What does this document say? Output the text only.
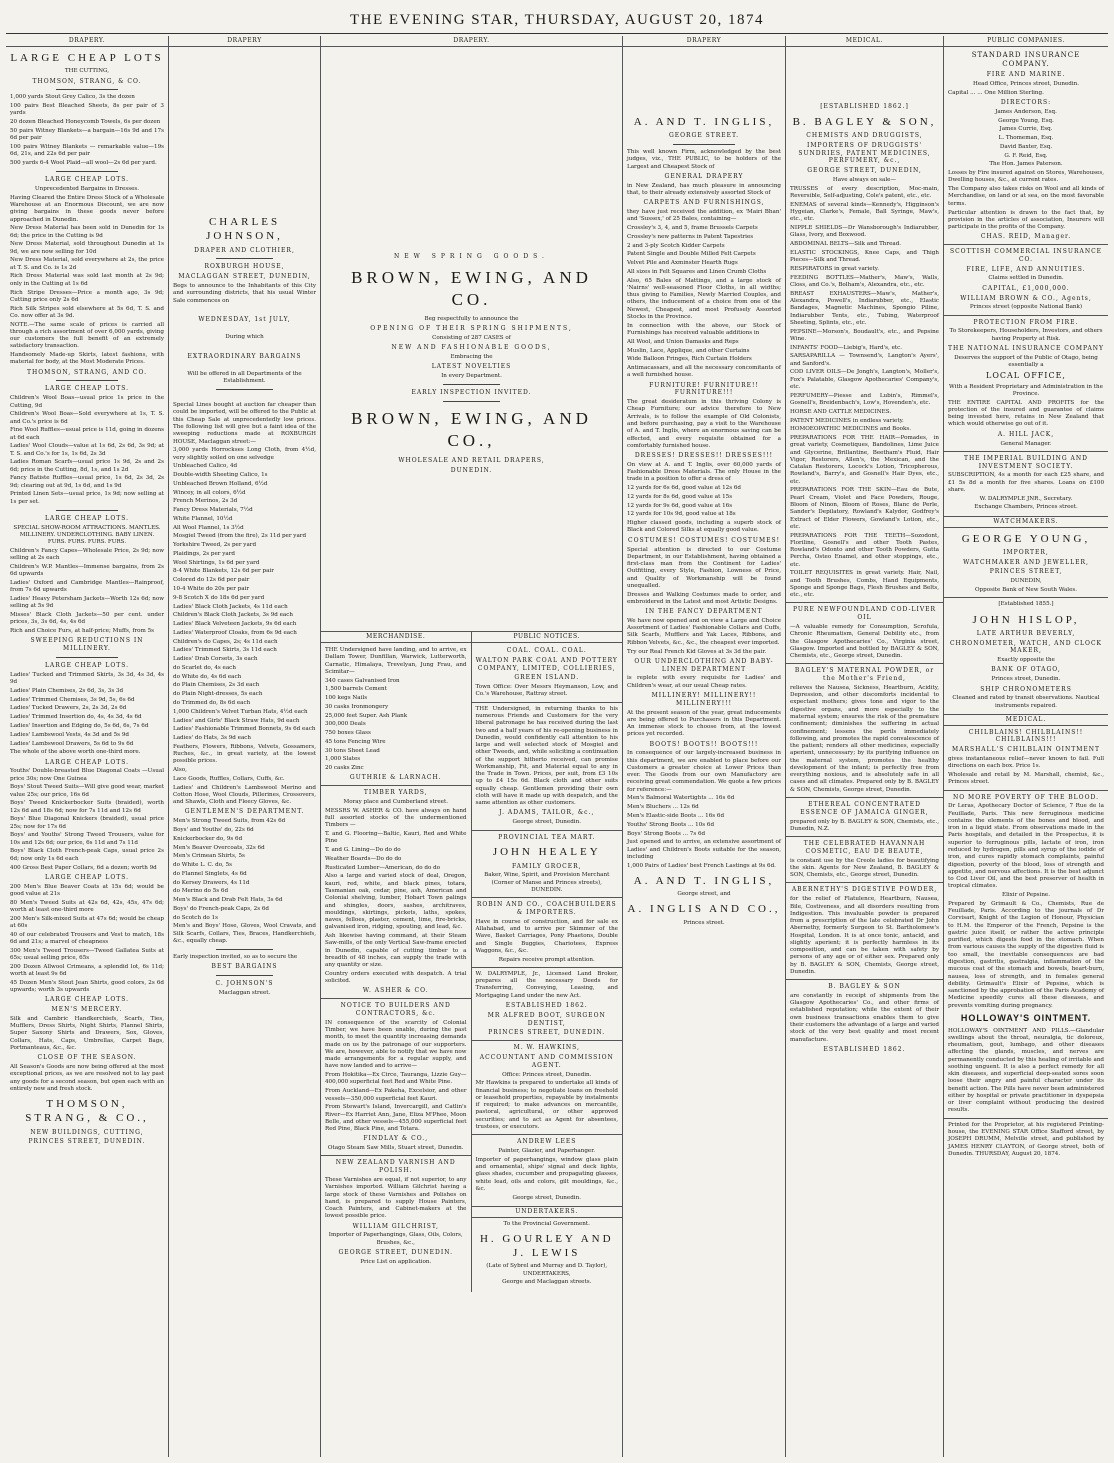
THE EVENING STAR, THURSDAY, AUGUST 20, 1874
DRAPERY.
LARGE CHEAP LOTS

THE CUTTING,

THOMSON, STRANG, & CO.

1,000 yards Stout Grey Calico, 3s the dozen

100 pairs Best Bleached Sheets, 8s per pair of 3 yards

20 dozen Bleached Honeycomb Towels, 6s per dozen

50 pairs Witney Blankets—a bargain—16s 9d and 17s 6d per pair

100 pairs Witney Blankets — remarkable value—19s 6d, 21s, and 22s 6d per pair

500 yards 6-4 Wool Plaid—all wool—2s 6d per yard.

LARGE CHEAP LOTS.

Unprecedented Bargains in Dresses.

Having Cleared the Entire Dress Stock of a Wholesale Warehouse at an Enormous Discount, we are now giving bargains in these goods never before approached in Dunedin.

New Dress Material has been sold in Dunedin for 1s 6d; the price in the Cutting is 9d

New Dress Material, sold throughout Dunedin at 1s 9d, we are now selling for 10d

New Dress Material, sold everywhere at 2s, the price at T. S. and Co. is 1s 2d

Rich Dress Material was sold last month at 2s 9d; only in the Cutting at 1s 6d

Rich Stripe Dresses—Price a month ago, 3s 9d; Cutting price only 2s 6d

Rich Silk Stripes sold elsewhere at 5s 6d, T. S. and Co. now offer at 3s 9d.

NOTE.—The same scale of prices is carried all through a rich assortment of over 6,000 yards, giving our customers the full benefit of an extremely satisfactory transaction.

Handsomely Made-up Skirts, latest fashions, with material for body, at the Most Moderate Prices.

THOMSON, STRANG, AND CO.
LARGE CHEAP LOTS.

Children's Wool Boas—usual price 1s price in the Cutting, 9d

Children's Wool Boas—Sold everywhere at 1s, T. S. and Co.'s price is 6d

Fine Wool Ruffles—usual price is 11d, going in dozens at 6d each

Ladies' Wool Clouds—value at 1s 6d, 2s 6d, 3s 9d; at T. S. and Co.'s for 1s, 1s 6d, 2s 3d

Ladies Roman Scarfs—usual price 1s 9d, 2s and 2s 6d; price in the Cutting, 8d, 1s, and 1s 2d

Fancy Batiste Ruffles—usual price, 1s 6d, 2s 3d, 2s 9d; clearing out at 9d, 1s 6d, and 1s 9d

Printed Linen Sets—usual price, 1s 9d; now selling at 1s per set.

LARGE CHEAP LOTS.

SPECIAL SHOW-ROOM ATTRACTIONS. MANTLES. MILLINERY. UNDERCLOTHING. BABY LINEN. FURS. FURS. FURS. FURS.

Children's Fancy Capes—Wholesale Price, 2s 9d; now selling at 2s each

Children's W.P. Mantles—Immense bargains, from 2s 6d upwards

Ladies' Oxford and Cambridge Mantles—Rainproof, from 7s 6d upwards

Ladies' Heavy Petersham Jackets—Worth 12s 6d; now selling at 5s 9d

Misses' Black Cloth Jackets—50 per cent. under prices, 3s, 3s 6d, 4s, 4s 6d

Rich and Choice Furs, at half-price; Muffs, from 5s

SWEEPING REDUCTIONS IN MILLINERY.
LARGE CHEAP LOTS.

Ladies' Tucked and Trimmed Skirts, 3s 3d, 4s 3d, 4s 9d

Ladies' Plain Chemises, 2s 6d, 3s, 3s 3d

Ladies' Trimmed Chemises, 3s 9d, 5s, 6s 6d

Ladies' Tucked Drawers, 2s, 2s 3d, 2s 6d

Ladies' Trimmed Insertion do, 4s, 4s 3d, 4s 6d

Ladies' Insertion and Edging do, 5s 6d, 6s, 7s 6d

Ladies' Lambswool Vests, 4s 3d and 5s 9d

Ladies' Lambswool Drawers, 5s 6d to 9s 6d

The whole of the above worth one-third more.

LARGE CHEAP LOTS.

Youths' Double-breasted Blue Diagonal Coats —Usual price 30s; now One Guinea

Boys' Stout Tweed Suits—Will give good wear, market value 25s; our price, 16s 6d

Boys' Tweed Knickerbocker Suits (braided), worth 12s 6d and 18s 6d; now for 7s 11d and 12s 6d

Boys' Blue Diagonal Knickers (braided), usual price 25s; now for 17s 6d

Boys' and Youths' Strong Tweed Trousers, value for 10s and 12s 6d; our price, 6s 11d and 7s 11d

Boys' Black Cloth French-peak Caps, usual price 2s 6d; now only 1s 6d each

400 Gross Best Paper Collars, 6d a dozen; worth 9d

LARGE CHEAP LOTS.

200 Men's Blue Beaver Coats at 15s 6d; would be good value at 21s

80 Men's Tweed Suits at 42s 6d, 42s, 45s, 47s 6d; worth at least one-third more

200 Men's Silk-mixed Suits at 47s 6d; would be cheap at 60s

40 of our celebrated Trousers and Vest to match, 18s 6d and 21s; a marvel of cheapness

300 Men's Tweed Trousers—Tweed Gallatea Suits at 65s; usual selling price, 65s

200 Dozen Allwool Crimeans, a splendid lot, 6s 11d; worth at least 9s 6d

45 Dozen Men's Stout Jean Shirts, good colors, 2s 6d upwards; worth 3s upwards

LARGE CHEAP LOTS.
MEN'S MERCERY.

Silk and Cambric Handkerchiefs, Scarfs, Ties, Mufflers, Dress Shirts, Night Shirts, Flannel Shirts, Super Saxony Shirts and Drawers, Sox, Gloves, Collars, Hats, Caps, Umbrellas, Carpet Bags, Portmanteaus, &c., &c.

CLOSE OF THE SEASON.

All Season's Goods are now being offered at the most exceptional prices, as we are resolved not to lay past any goods for a second season, but open each with an entirely new and fresh stock.

THOMSON, STRANG, & CO.,
NEW BUILDINGS, CUTTING,
PRINCES STREET, DUNEDIN.
DRAPERY
CHARLES JOHNSON,
DRAPER AND CLOTHIER,
ROXBURGH HOUSE,
MACLAGGAN STREET, DUNEDIN,

Begs to announce to the Inhabitants of this City and surrounding districts, that his usual Winter Sale commences on

WEDNESDAY, 1st JULY,

During which

EXTRAORDINARY BARGAINS

Will be offered in all Departments of the Establishment.

Special Lines bought at auction far cheaper than could be imported, will be offered to the Public at this Cheap Sale at unprecedentedly low prices. The following list will give but a faint idea of the sweeping reductions made at ROXBURGH HOUSE, Maclaggan street:—

3,000 yards Horrockses Long Cloth, from 4½d, very slightly soiled on one selvedge

Unbleached Calico, 4d

Double-width Sheeting Calico, 1s

Unbleached Brown Holland, 6½d

Wincey, in all colors, 6½d

French Merinos, 2s 3d

Fancy Dress Materials, 7½d

White Flannel, 10½d

All Wool Flannel, 1s 3½d

Mosgiel Tweed (from the fire), 2s 11d per yard

Yorkshire Tweed, 2s per yard

Plaidings, 2s per yard

Wool Shirtings, 1s 6d per yard

8-4 White Blankets, 12s 6d per pair

Colored do 12s 6d per pair

10-4 White do 20s per pair

9-8 Scotch X do 18s 6d per yard

Ladies' Black Cloth Jackets, 4s 11d each

Children's Black Cloth Jackets, 3s 9d each

Ladies' Black Velveteen Jackets, 9s 6d each

Ladies' Waterproof Cloaks, from 6s 9d each

Children's do Capes, 2s; 4s 11d each

Ladies' Trimmed Skirts, 3s 11d each

Ladies' Drab Corsets, 3s each

do Scarlet do, 4s each

do White do, 4s 6d each

do Plain Chemises, 2s 3d each

do Plain Night-dresses, 5s each

do Trimmed do, 8s 6d each

1,000 Children's Velvet Turban Hats, 4½d each

Ladies' and Girls' Black Straw Hats, 9d each

Ladies' Fashionable Trimmed Bonnets, 9s 6d each

Ladies' do Hats, 3s 9d each

Feathers, Flowers, Ribbons, Velvets, Gossamers, Ruches, &c., in great variety, at the lowest possible prices.

Also,

Lace Goods, Ruffles, Collars, Cuffs, &c.

Ladies' and Children's Lambswool Merino and Cotton Hose, Wool Clouds, Pillerines, Crossovers, and Shawls, Cloth and Fleecy Gloves, &c.

GENTLEMEN'S DEPARTMENT.

Men's Strong Tweed Suits, from 42s 6d

Boys' and Youths' do, 22s 6d

Knickerbocker do, 9s 6d

Men's Beaver Overcoats, 32s 6d

Men's Crimean Shirts, 5s

do White L. C. do, 5s

do Flannel Singlets, 4s 6d

do Kersey Drawers, 4s 11d

do Merino do 5s 6d

Men's Black and Drab Felt Hats, 3s 6d

Boys' do French-peak Caps, 2s 6d

do Scotch do 1s

Men's and Boys' Hose, Gloves, Wool Cravats, and Silk Scarfs, Collars, Ties, Braces, Handkerchiefs, &c., equally cheap.

Early inspection invited, so as to secure the

BEST BARGAINS
C. JOHNSON'S

Maclaggan street.

DRAPERY.
NEW SPRING GOODS.
BROWN, EWING, AND CO.

Beg respectfully to announce the

OPENING OF THEIR SPRING SHIPMENTS,

Consisting of 287 CASES of

NEW AND FASHIONABLE GOODS,

Embracing the

LATEST NOVELTIES

In every Department.

EARLY INSPECTION INVITED.
BROWN, EWING, AND CO.,
WHOLESALE AND RETAIL DRAPERS,
DUNEDIN.
MERCHANDISE.

THE Undersigned have landing, and to arrive, ex Dallam Tower, Dunfillan, Warwick, Lutterworth, Carnatic, Himalaya, Trevelyan, Jung Frau, and Scimitar—

340 cases Galvanised Iron

1,500 barrels Cement

100 kegs Nails

30 casks Ironmongery

25,000 feet Super. Ash Plank

300,000 Deals

750 boxes Glass

45 tons Fencing Wire

30 tons Sheet Lead

1,000 Slates

20 casks Zinc

GUTHRIE & LARNACH.
TIMBER YARDS,

Moray place and Cumberland street.

MESSRS W. ASHER & CO. have always on hand full assorted stocks of the undermentioned Timbers —

T. and G. Flooring—Baltic, Kauri, Red and White Pine

T. and G. Lining—Do do do

Weather Boards—Do do do

Rusticated Lumber—American, do do do

Also a large and varied stock of deal, Oregon, kauri, red, white, and black pines, totara, Tasmanian oak, cedar, pine, ash, American and Colonial shelving, lumber, Hobart Town palings and shingles, doors, sashes, architraves, mouldings, skirtings, pickets, laths, spokes, naves, felloes, plaster, cement, lime, fire-bricks, galvanised iron, ridging, spouting, and lead, &c.

Ash likewise having command, at their Steam Saw-mills, of the only Vertical Saw-frame erected in Dunedin, capable of cutting timber to a breadth of 48 inches, can supply the trade with any quantity or size.

Country orders executed with despatch. A trial solicited.

W. ASHER & CO.
NOTICE TO BUILDERS AND CONTRACTORS, &c.

IN consequence of the scarcity of Colonial Timber, we have been unable, during the past month, to meet the quantity increasing demands made on us by the patronage of our supporters. We are, however, able to notify that we have now made arrangements for a regular supply, and have now landed and to arrive—

From Hokitika—Ex Circe, Tauranga, Lizzie Guy—400,000 superficial feet Red and White Pine.

From Auckland—Ex Pakeha, Excelsior, and other vessels—350,000 superficial feet Kauri.

From Stewart's Island, Invercargill, and Catlin's River—Ex Harriet Ann, Jane, Eliza M'Phee, Moon Belle, and other vessels—455,000 superficial feet Red Pine, Black Pine, and Totara.

FINDLAY & CO.,

Otago Steam Saw Mills, Stuart street, Dunedin.

NEW ZEALAND VARNISH AND POLISH.

These Varnishes are equal, if not superior, to any Varnishes imported. William Gilchrist having a large stock of these Varnishes and Polishes on hand, is prepared to supply House Painters, Coach Painters, and Cabinet-makers at the lowest possible price.

WILLIAM GILCHRIST,

Importer of Paperhangings, Glass, Oils, Colors, Brushes, &c.,

GEORGE STREET, DUNEDIN.

Price List on application.

PUBLIC NOTICES.
COAL. COAL. COAL.
WALTON PARK COAL AND POTTERY COMPANY, LIMITED, COLLIERIES,
GREEN ISLAND.

Town Office: Over Messrs Heymanson, Low, and Co.'s Warehouse, Rattray street.

THE Undersigned, in returning thanks to his numerous Friends and Customers for the very liberal patronage he has received during the last two and a half years of his re-opening business in Dunedin, would confidently call attention to his large and well selected stock of Mosgiel and other Tweeds, and, while soliciting a continuation of the support hitherto received, can promise Workmanship, Fit, and Material equal to any in the Trade in Town. Prices, per suit, from £3 10s up to £4 15s 6d. Black cloth and other suits equally cheap. Gentlemen providing their own cloth will have it made up with despatch, and the same attention as other customers.

J. ADAMS, TAILOR, &c.,

George street, Dunedin.

PROVINCIAL TEA MART.
JOHN HEALEY
FAMILY GROCER,

Baker, Wine, Spirit, and Provision Merchant (Corner of Manse and Princes streets), DUNEDIN.

ROBIN AND CO., COACHBUILDERS & IMPORTERS.

Have in course of construction, and for sale ex Allahabad, and to arrive per Skimmer of the Wave, Basket Carriages, Pony Phaetons, Double and Single Buggies, Chariotees, Express Waggons, &c., &c.

Repairs receive prompt attention.

W. DALRYMPLE, Jr., Licensed Land Broker, prepares all the necessary Deeds for Transferring, Conveying, Leasing, and Mortgaging Land under the new Act.

ESTABLISHED 1862.
MR ALFRED BOOT, SURGEON DENTIST,
PRINCES STREET, DUNEDIN.
M. W. HAWKINS,
ACCOUNTANT AND COMMISSION AGENT.

Office: Princes street, Dunedin.

Mr Hawkins is prepared to undertake all kinds of financial business; to negotiate loans on freehold or leasehold properties, repayable by instalments if required; to make advances on mercantile, pastoral, agricultural, or other approved securities; and to act as Agent for absentees, trustees, or executors.

ANDREW LEES

Painter, Glazier, and Paperhanger.

Importer of paperhangings, window glass plain and ornamental, ships' signal and deck lights, glass shades, cucumber and propagating glasses, white lead, oils and colors, gilt mouldings, &c., &c.

George street, Dunedin.

UNDERTAKERS.

To the Provincial Government.

H. GOURLEY AND J. LEWIS

(Late of Sybrel and Murray and D. Taylor), UNDERTAKERS,

George and Maclaggan streets.

DRAPERY
A. AND T. INGLIS,
GEORGE STREET.

This well known Firm, acknowledged by the best judges, viz., THE PUBLIC, to be holders of the Largest and Cheapest Stock of

GENERAL DRAPERY

in New Zealand, has much pleasure in announcing that, to their already extensively assorted Stock of

CARPETS AND FURNISHINGS,

they have just received the addition, ex 'Mairi Bhan' and 'Sussex,' of 25 Bales, containing—

Crossley's 3, 4, and 5, frame Brussels Carpets

Crossley's new patterns in Patent Tapestries

2 and 3-ply Scotch Kidder Carpets

Patent Single and Double Milled Felt Carpets

Velvet Pile and Axminster Hearth Rugs

All sizes in Felt Squares and Linen Crumb Cloths

Also, 65 Bales of Mattings, and a large stock of 'Nairns' well-seasoned Floor Cloths, in all widths; thus giving to Families, Newly Married Couples, and others, the inducement of a choice from one of the Newest, Cheapest, and most Profusely Assorted Stocks in the Province.

In connection with the above, our Stock of Furnishings has received valuable additions in

All Wool, and Union Damasks and Reps

Muslin, Lace, Applique, and other Curtains

Wide Balloon Fringes, Rich Curtain Holders

Antimacassars, and all the necessary concomitants of a well furnished house.

FURNITURE! FURNITURE!! FURNITURE!!!

The great desideratum in this thriving Colony is Cheap Furniture; our advice therefore to New Arrivals, is to follow the example of Old Colonists, and before purchasing, pay a visit to the Warehouse of A. and T. Inglis, where an enormous saving can be effected, and every requisite obtained for a comfortably furnished house.

DRESSES! DRESSES!! DRESSES!!!

On view at A. and T. Inglis, over 60,000 yards of Fashionable Dress Materials. The only House in the trade in a position to offer a dress of

12 yards for 6s 6d, good value at 12s 6d

12 yards for 8s 6d, good value at 15s

12 yards for 9s 6d, good value at 16s

12 yards for 10s 9d, good value at 18s

Higher classed goods, including a superb stock of Black and Colored Silks at equally good value.

COSTUMES! COSTUMES! COSTUMES!

Special attention is directed to our Costume Department, in our Establishment, having obtained a first-class man from the Continent for Ladies' Outfitting, every Style, Fashion, Lowness of Price, and Quality of Workmanship will be found unequalled.

Dresses and Walking Costumes made to order, and embroidered in the Latest and most Artistic Designs.

IN THE FANCY DEPARTMENT

We have now opened and on view a Large and Choice Assortment of Ladies' Fashionable Collars and Cuffs, Silk Scarfs, Mufflers and Yak Laces, Ribbons, and Ribbon Velvets, &c., &c., the cheapest ever imported.

Try our Real French Kid Gloves at 3s 3d the pair.

OUR UNDERCLOTHING AND BABY-LINEN DEPARTMENT

is replete with every requisite for Ladies' and Children's wear, at our usual Cheap rates.

MILLINERY! MILLINERY!! MILLINERY!!!

At the present season of the year, great inducements are being offered to Purchasers in this Department. An immense stock to choose from, at the lowest prices yet recorded.

BOOTS! BOOTS!! BOOTS!!!

In consequence of our largely-increased business in this department, we are enabled to place before our Customers a greater choice at Lower Prices than ever. The Goods from our own Manufactory are receiving great commendation. We quote a few prices for reference:—

Men's Balmoral Watertights ... 16s 6d

Men's Bluchers ... 12s 6d

Men's Elastic-side Boots ... 16s 6d

Youths' Strong Boots ... 10s 6d

Boys' Strong Boots ... 7s 6d

Just opened and to arrive, an extensive assortment of Ladies' and Children's Boots suitable for the season, including

1,000 Pairs of Ladies' best French Lastings at 9s 6d.

A. AND T. INGLIS,

George street, and

A. INGLIS AND CO.,

Princes street.

MEDICAL.
[ESTABLISHED 1862.]
B. BAGLEY & SON,
CHEMISTS AND DRUGGISTS,
IMPORTERS OF DRUGGISTS' SUNDRIES, PATENT MEDICINES, PERFUMERY, &c.,
GEORGE STREET, DUNEDIN,

Have always on sale—

TRUSSES of every description, Moc-main, Reversible, Self-adjusting, Cole's patent, etc., etc.

ENEMAS of several kinds—Kennedy's, Higginson's Hygeian, Clarke's, Female, Ball Syringe, Maw's, etc., etc.

NIPPLE SHIELDS—Dr Wansborough's Indiarubber, Glass, Ivory, and Boxwood.

ABDOMINAL BELTS—Silk and Thread.

ELASTIC STOCKINGS, Knee Caps, and Thigh Pieces—Silk and Thread.

RESPIRATORS in great variety.

FEEDING BOTTLES—Mather's, Maw's, Walls, Closs, and Co.'s, Bolham's, Alexandra, etc., etc.

BREAST EXHAUSTERS—Maw's, Mather's, Alexandra, Powell's, Indiarubber, etc., Elastic Bandages, Magnetic Machines, Spongio Piline, Indiarubber Tents, etc., Tubing, Waterproof Sheeting, Splints, etc., etc.

PEPSINE—Morson's, Boudault's, etc., and Pepsine Wine.

INFANTS' FOOD—Liebig's, Hard's, etc.

SARSAPARILLA — Townsend's, Langton's Ayers', and Sanford's.

COD LIVER OILS—De Jongh's, Langton's, Moller's, Fox's Palatable, Glasgow Apothecaries' Company's, etc.

PERFUMERY—Piesse and Lubin's, Rimmel's, Gosnell's, Breidenbach's, Low's, Hovenden's, etc.

HORSE AND CATTLE MEDICINES.

PATENT MEDICINES in endless variety.

HOMOEOPATHIC MEDICINES and Books.

PREPARATIONS FOR THE HAIR—Pomades, in great variety, Cosmetiques, Bandolines, Lime Juice and Glycerine, Brillantine, Beetham's Fluid, Hair Vigor, Restorers, Allen's, the Mexican, and the Catalan Restorers, Locock's Lotion, Tricopherous, Rowland's, Barry's, and Gosnell's Hair Dyes, etc., etc.

PREPARATIONS FOR THE SKIN—Eau de Bute, Pearl Cream, Violet and Face Powders, Rouge, Bloom of Ninon, Bloom of Roses, Blanc de Perle, Sander's Depilatory, Rowland's Kalydor, Godfrey's Extract of Elder Flowers, Gowland's Lotion, etc., etc.

PREPARATIONS FOR THE TEETH—Sozodont, Floriline, Gosnell's and other Tooth Pastes, Rowland's Odonto and other Tooth Powders, Gutta Percha, Osteo Enamel, and other stoppings, etc., etc.

TOILET REQUISITES in great variety. Hair, Nail, and Tooth Brushes, Combs, Hand Equipments, Sponge and Sponge Bags, Flesh Brushes and Belts, etc., etc.

PURE NEWFOUNDLAND COD-LIVER OIL

—A valuable remedy for Consumption, Scrofula, Chronic Rheumatism, General Debility etc., from the Glasgow Apothecaries' Co., Virginia street, Glasgow. Imported and bottled by BAGLEY & SON, Chemists, etc., George street, Dunedin.

BAGLEY'S MATERNAL POWDER, or the Mother's Friend,

relieves the Nausea, Sickness, Heartburn, Acidity, Depression, and other discomforts incidental to expectant mothers; gives tone and vigor to the digestive organs, and more especially to the maternal system; ensures the risk of the premature confinement; diminishes the suffering in actual confinement; lessens the perils immediately following, and promotes the rapid convalescence of the patient; renders all other medicines, especially aperient, unnecessary; by its purifying influence on the maternal system, promotes the healthy development of the infant; is perfectly free from everything noxious, and is absolutely safe in all cases and all climates. Prepared only by B. BAGLEY & SON, Chemists, George street, Dunedin.

ETHEREAL CONCENTRATED ESSENCE OF JAMAICA GINGER,

prepared only by B. BAGLEY & SON, Chemists, etc., Dunedin, N.Z.

THE CELEBRATED HAVANNAH COSMETIC, EAU DE BEAUTE,

is constant use by the Creole ladies for beautifying the skin. Agents for New Zealand, B. BAGLEY & SON, Chemists, etc., George street, Dunedin.

ABERNETHY'S DIGESTIVE POWDER,

for the relief of Flatulence, Heartburn, Nausea, Bile, Costiveness, and all disorders resulting from Indigestion. This invaluable powder is prepared from a prescription of the late celebrated Dr John Abernethy, formerly Surgeon to St. Bartholomew's Hospital, London. It is at once tonic, antacid, and slightly aperient; it is perfectly harmless in its composition, and can be taken with safety by persons of any age or of either sex. Prepared only by B. BAGLEY & SON, Chemists, George street, Dunedin.

B. BAGLEY & SON

are constantly in receipt of shipments from the Glasgow Apothecaries' Co., and other firms of established reputation; while the extent of their own business transactions enables them to give their customers the advantage of a large and varied stock of the very best quality and most recent manufacture.

ESTABLISHED 1862.
PUBLIC COMPANIES.
STANDARD INSURANCE COMPANY.
FIRE AND MARINE.

Head Office, Princes street, Dunedin.

Capital ... ... One Million Sterling.

DIRECTORS:

James Anderson, Esq.

George Young, Esq.

James Currie, Esq.

L. Thomeman, Esq.

David Baxter, Esq.

G. F. Reid, Esq.

The Hon. James Paterson.

Losses by Fire insured against on Stores, Warehouses, Dwelling houses, &c., at current rates.

The Company also takes risks on Wool and all kinds of Merchandise, on land or at sea, on the most favorable terms.

Particular attention is drawn to the fact that, by provision in the articles of association, Insurers will participate in the profits of the Company.

CHAS. REID, Manager.
SCOTTISH COMMERCIAL INSURANCE CO.
FIRE, LIFE, AND ANNUITIES.

Claims settled in Dunedin.

CAPITAL, £1,000,000.
WILLIAM BROWN & CO., Agents,

Princes street (opposite National Bank)

PROTECTION FROM FIRE.

To Storekeepers, Householders, Investors, and others having Property at Risk.

THE NATIONAL INSURANCE COMPANY

Deserves the support of the Public of Otago, being essentially a

LOCAL OFFICE,

With a Resident Proprietary and Administration in the Province.

THE ENTIRE CAPITAL AND PROFITS for the protection of the insured and guarantee of claims being invested here, retains in New Zealand that which would otherwise go out of it.

A. HILL JACK,

General Manager.

THE IMPERIAL BUILDING AND INVESTMENT SOCIETY.

SUBSCRIPTION, 4s a month for each £25 share, and £1 5s 8d a month for five shares. Loans on £100 share.

W. DALRYMPLE JNR., Secretary.

Exchange Chambers, Princes street.

WATCHMAKERS.
GEORGE YOUNG,
IMPORTER,
WATCHMAKER AND JEWELLER,
PRINCES STREET,

DUNEDIN,

Opposite Bank of New South Wales.

[Established 1855.]

JOHN HISLOP,
LATE ARTHUR BEVERLY,
CHRONOMETER, WATCH, AND CLOCK MAKER,

Exactly opposite the

BANK OF OTAGO,

Princes street, Dunedin.

SHIP CHRONOMETERS

Cleaned and rated by transit observations. Nautical instruments repaired.

MEDICAL.
CHILBLAINS! CHILBLAINS!! CHILBLAINS!!!
MARSHALL'S CHILBLAIN OINTMENT

gives instantaneous relief—never known to fail. Full directions on each box. Price 1s.

Wholesale and retail by M. Marshall, chemist, &c., Princes street.

NO MORE POVERTY OF THE BLOOD.

Dr Leras, Apothecary Doctor of Science, 7 Rue de la Feuillade, Paris. This new ferruginous medicine contains the elements of the bones and blood, and iron in a liquid state. From observations made in the Paris hospitals, and detailed in the Prospectus, it is superior to ferruginous pills, lactate of iron, iron reduced by hydrogen, pills and syrup of the iodide of iron, and cures rapidly stomach complaints, painful digestion, poverty of the blood, loss of strength and appetite, and nervous affections. It is the best adjunct to Cod Liver Oil, and the best preserver of health in tropical climates.

Elixir of Pepsine.

Prepared by Grimault & Co., Chemists, Rue de Feuillade, Paris. According to the journals of Dr Corvisart, Knight of the Legion of Honour, Physician to H.M. the Emperor of the French, Pepsine is the gastric juice itself, or rather the active principle purified, which digests food in the stomach. When from various causes the supply of the digestive fluid is too small, the inevitable consequences are bad digestion, gastritis, gastralgia, inflammation of the mucous coat of the stomach and bowels, heart-burn, nausea, loss of strength, and in females general debility. Grimault's Elixir of Pepsine, which is sanctioned by the approbation of the Paris Academy of Medicine speedily cures all these diseases, and prevents vomiting during pregnancy.

HOLLOWAY'S OINTMENT.

HOLLOWAY'S OINTMENT AND PILLS.—Glandular swellings about the throat, neuralgia, tic doloreux, rheumatism, gout, lumbago, and other diseases affecting the glands, muscles, and nerves are permanently conducted by this healing of irritable and soothing unguent. It is also a perfect remedy for all skin diseases, and superficial deep-seated sores soon loose their angry and painful character under its benefit action. The Pills have never been administered either by hospital or private practitioner in dyspepsia or liver complaint without producing the desired results.

Printed for the Proprietor, at his registered Printing-house, the EVENING STAR Office Stafford street, by JOSEPH DRUMM, Melville street, and published by JAMES HENRY CLAYTON, of George street, both of Dunedin. THURSDAY, August 20, 1874.
